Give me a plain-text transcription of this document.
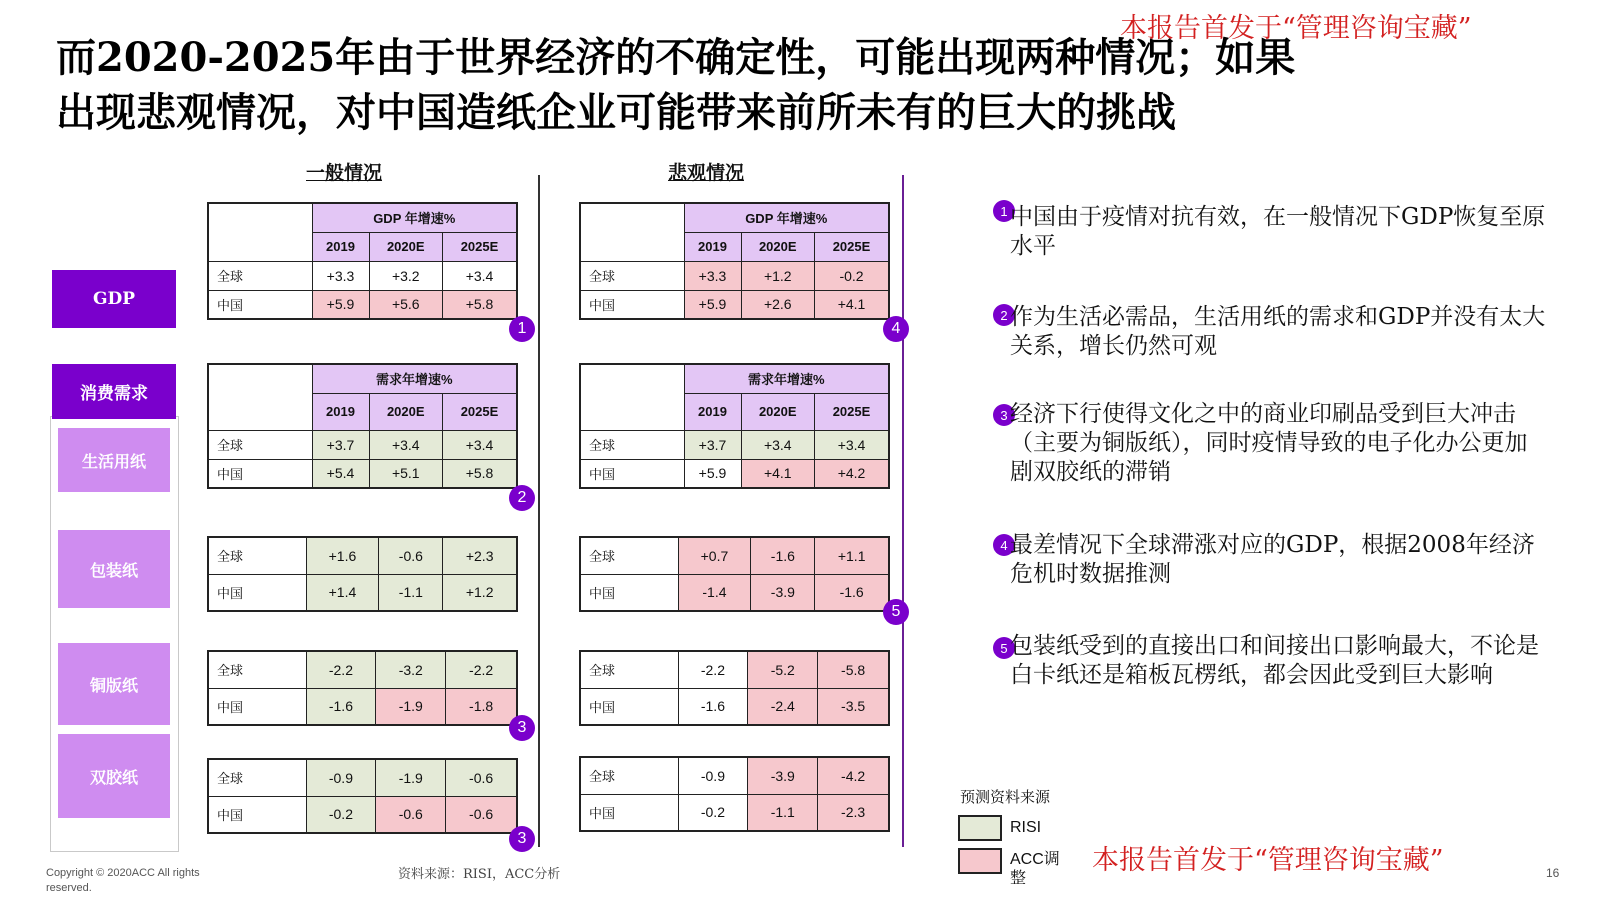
本报告首发于“管理咨询宝藏”
本报告首发于“管理咨询宝藏”
而2020-2025年由于世界经济的不确定性，可能出现两种情况；如果
出现悲观情况，对中国造纸企业可能带来前所未有的巨大的挑战
一般情况	悲观情况
GDP
消费需求
生活用纸
包装纸
铜版纸
双胶纸
	GDP 年增速%		
	2019	2020E	2025E
全球	+3.3	+3.2	+3.4
中国	+5.9	+5.6	+5.8
	需求年增速%		
	2019	2020E	2025E
全球	+3.7	+3.4	+3.4
中国	+5.4	+5.1	+5.8
全球	+1.6	-0.6	+2.3
中国	+1.4	-1.1	+1.2
全球	-2.2	-3.2	-2.2
中国	-1.6	-1.9	-1.8
全球	-0.9	-1.9	-0.6
中国	-0.2	-0.6	-0.6
	GDP 年增速%		
	2019	2020E	2025E
全球	+3.3	+1.2	-0.2
中国	+5.9	+2.6	+4.1
	需求年增速%		
	2019	2020E	2025E
全球	+3.7	+3.4	+3.4
中国	+5.9	+4.1	+4.2
全球	+0.7	-1.6	+1.1
中国	-1.4	-3.9	-1.6
全球	-2.2	-5.2	-5.8
中国	-1.6	-2.4	-3.5
全球	-0.9	-3.9	-4.2
中国	-0.2	-1.1	-2.3
1
2
3
3
4
5
1 中国由于疫情对抗有效，在一般情况下GDP恢复至原水平
2 作为生活必需品，生活用纸的需求和GDP并没有太大关系，增长仍然可观
3 经济下行使得文化之中的商业印刷品受到巨大冲击（主要为铜版纸），同时疫情导致的电子化办公更加剧双胶纸的滞销
4 最差情况下全球滞涨对应的GDP，根据2008年经济危机时数据推测
5 包装纸受到的直接出口和间接出口影响最大，不论是白卡纸还是箱板瓦楞纸，都会因此受到巨大影响
预测资料来源
RISI
ACC调整
Copyright © 2020ACC All rights reserved.
资料来源：RISI，ACC分析	16
